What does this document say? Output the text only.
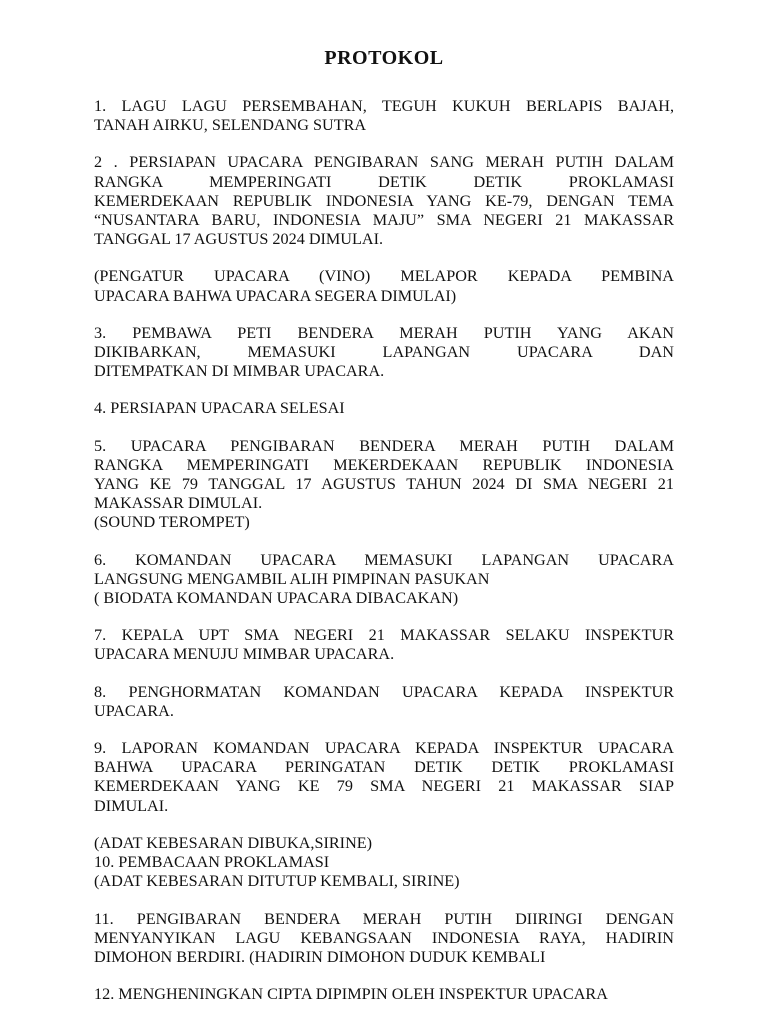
PROTOKOL
1. LAGU LAGU PERSEMBAHAN, TEGUH KUKUH BERLAPIS BAJAH,
TANAH AIRKU, SELENDANG SUTRA
2 . PERSIAPAN UPACARA PENGIBARAN SANG MERAH PUTIH DALAM
RANGKA MEMPERINGATI DETIK DETIK PROKLAMASI
KEMERDEKAAN REPUBLIK INDONESIA YANG KE-79, DENGAN TEMA
“NUSANTARA BARU, INDONESIA MAJU” SMA NEGERI 21 MAKASSAR
TANGGAL 17 AGUSTUS 2024 DIMULAI.
(PENGATUR UPACARA (VINO) MELAPOR KEPADA PEMBINA
UPACARA BAHWA UPACARA SEGERA DIMULAI)
3. PEMBAWA PETI BENDERA MERAH PUTIH YANG AKAN
DIKIBARKAN, MEMASUKI LAPANGAN UPACARA DAN
DITEMPATKAN DI MIMBAR UPACARA.
4. PERSIAPAN UPACARA SELESAI
5. UPACARA PENGIBARAN BENDERA MERAH PUTIH DALAM
RANGKA MEMPERINGATI MEKERDEKAAN REPUBLIK INDONESIA
YANG KE 79 TANGGAL 17 AGUSTUS TAHUN 2024 DI SMA NEGERI 21
MAKASSAR DIMULAI.
(SOUND TEROMPET)
6. KOMANDAN UPACARA MEMASUKI LAPANGAN UPACARA
LANGSUNG MENGAMBIL ALIH PIMPINAN PASUKAN
( BIODATA KOMANDAN UPACARA DIBACAKAN)
7. KEPALA UPT SMA NEGERI 21 MAKASSAR SELAKU INSPEKTUR
UPACARA MENUJU MIMBAR UPACARA.
8. PENGHORMATAN KOMANDAN UPACARA KEPADA INSPEKTUR
UPACARA.
9. LAPORAN KOMANDAN UPACARA KEPADA INSPEKTUR UPACARA
BAHWA UPACARA PERINGATAN DETIK DETIK PROKLAMASI
KEMERDEKAAN YANG KE 79 SMA NEGERI 21 MAKASSAR SIAP
DIMULAI.
(ADAT KEBESARAN DIBUKA,SIRINE)
10. PEMBACAAN PROKLAMASI
(ADAT KEBESARAN DITUTUP KEMBALI, SIRINE)
11. PENGIBARAN BENDERA MERAH PUTIH DIIRINGI DENGAN
MENYANYIKAN LAGU KEBANGSAAN INDONESIA RAYA, HADIRIN
DIMOHON BERDIRI. (HADIRIN DIMOHON DUDUK KEMBALI
12. MENGHENINGKAN CIPTA DIPIMPIN OLEH INSPEKTUR UPACARA
